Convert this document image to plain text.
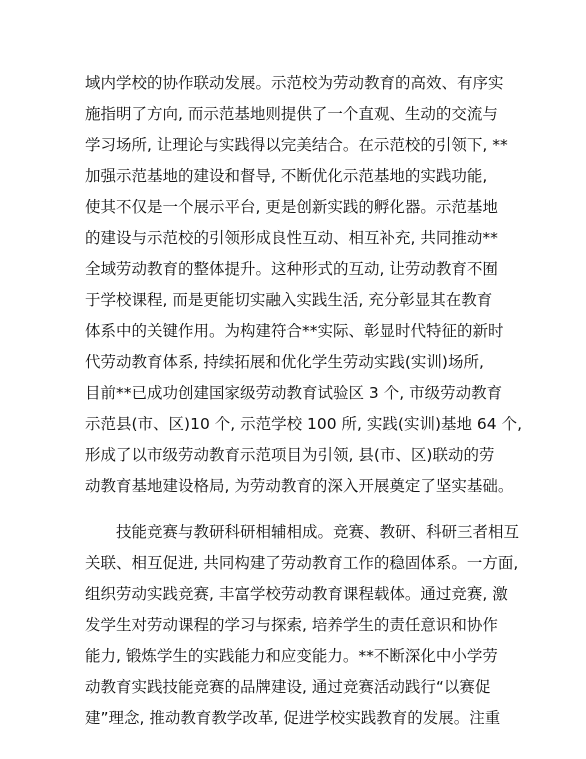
域内学校的协作联动发展。示范校为劳动教育的高效、有序实
施指明了方向, 而示范基地则提供了一个直观、生动的交流与
学习场所, 让理论与实践得以完美结合。在示范校的引领下, **
加强示范基地的建设和督导, 不断优化示范基地的实践功能,
使其不仅是一个展示平台, 更是创新实践的孵化器。示范基地
的建设与示范校的引领形成良性互动、相互补充, 共同推动**
全域劳动教育的整体提升。这种形式的互动, 让劳动教育不囿
于学校课程, 而是更能切实融入实践生活, 充分彰显其在教育
体系中的关键作用。为构建符合**实际、彰显时代特征的新时
代劳动教育体系, 持续拓展和优化学生劳动实践(实训)场所,
目前**已成功创建国家级劳动教育试验区 3 个, 市级劳动教育
示范县(市、区)10 个, 示范学校 100 所, 实践(实训)基地 64 个,
形成了以市级劳动教育示范项目为引领, 县(市、区)联动的劳
动教育基地建设格局, 为劳动教育的深入开展奠定了坚实基础。
技能竞赛与教研科研相辅相成。竞赛、教研、科研三者相互
关联、相互促进, 共同构建了劳动教育工作的稳固体系。一方面,
组织劳动实践竞赛, 丰富学校劳动教育课程载体。通过竞赛, 激
发学生对劳动课程的学习与探索, 培养学生的责任意识和协作
能力, 锻炼学生的实践能力和应变能力。**不断深化中小学劳
动教育实践技能竞赛的品牌建设, 通过竞赛活动践行“以赛促
建”理念, 推动教育教学改革, 促进学校实践教育的发展。注重
